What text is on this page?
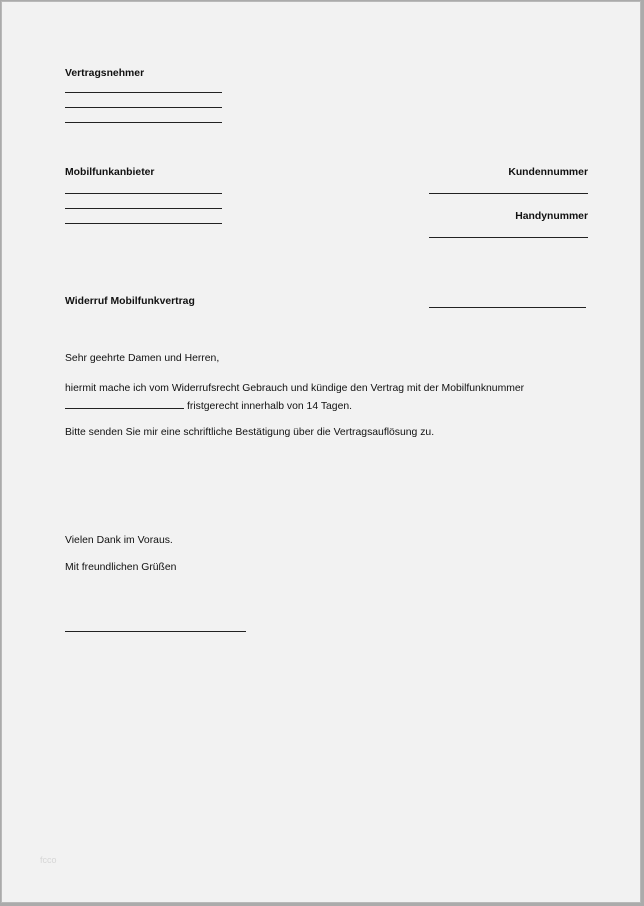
Vertragsnehmer
Mobilfunkanbieter	Kundennummer
Handynummer
Widerruf Mobilfunkvertrag
Sehr geehrte Damen und Herren,
hiermit mache ich vom Widerrufsrecht Gebrauch und kündige den Vertrag mit der Mobilfunknummer
fristgerecht innerhalb von 14 Tagen.
Bitte senden Sie mir eine schriftliche Bestätigung über die Vertragsauflösung zu.
Vielen Dank im Voraus.
Mit freundlichen Grüßen
fcco
